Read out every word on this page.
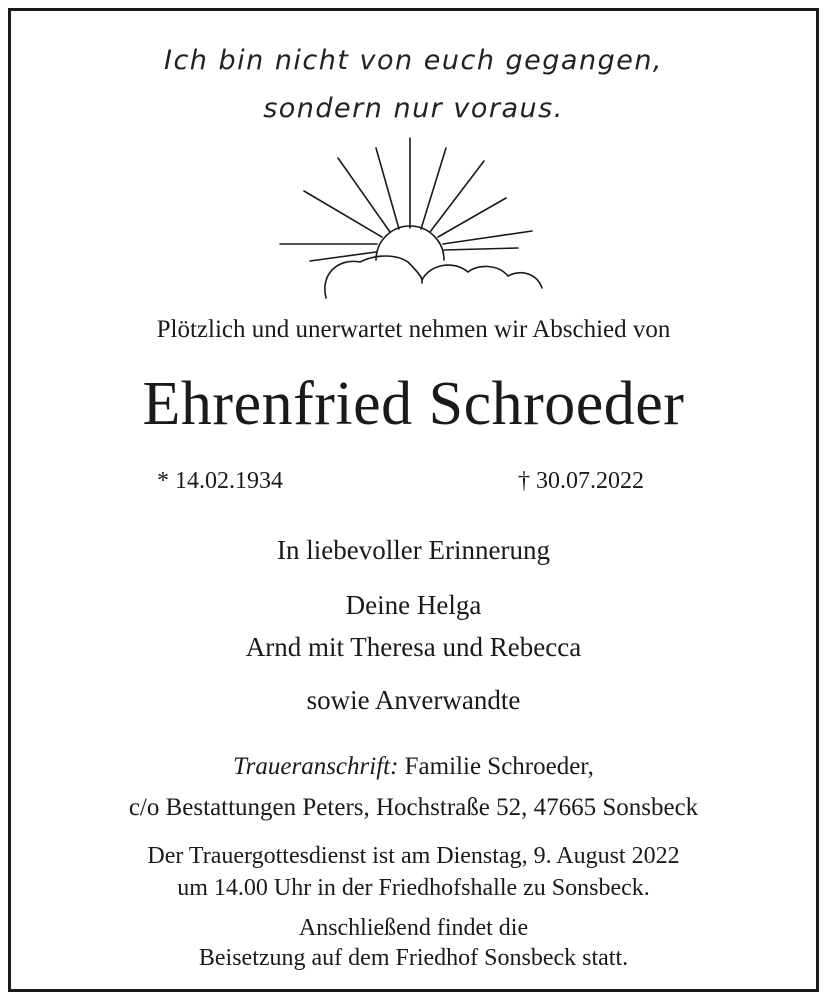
Ich bin nicht von euch gegangen,
sondern nur voraus.
Plötzlich und unerwartet nehmen wir Abschied von
Ehrenfried Schroeder
* 14.02.1934	† 30.07.2022
In liebevoller Erinnerung
Deine Helga
Arnd mit Theresa und Rebecca
sowie Anverwandte
Traueranschrift: Familie Schroeder,
c/o Bestattungen Peters, Hochstraße 52, 47665 Sonsbeck
Der Trauergottesdienst ist am Dienstag, 9. August 2022
um 14.00 Uhr in der Friedhofshalle zu Sonsbeck.
Anschließend findet die
Beisetzung auf dem Friedhof Sonsbeck statt.
